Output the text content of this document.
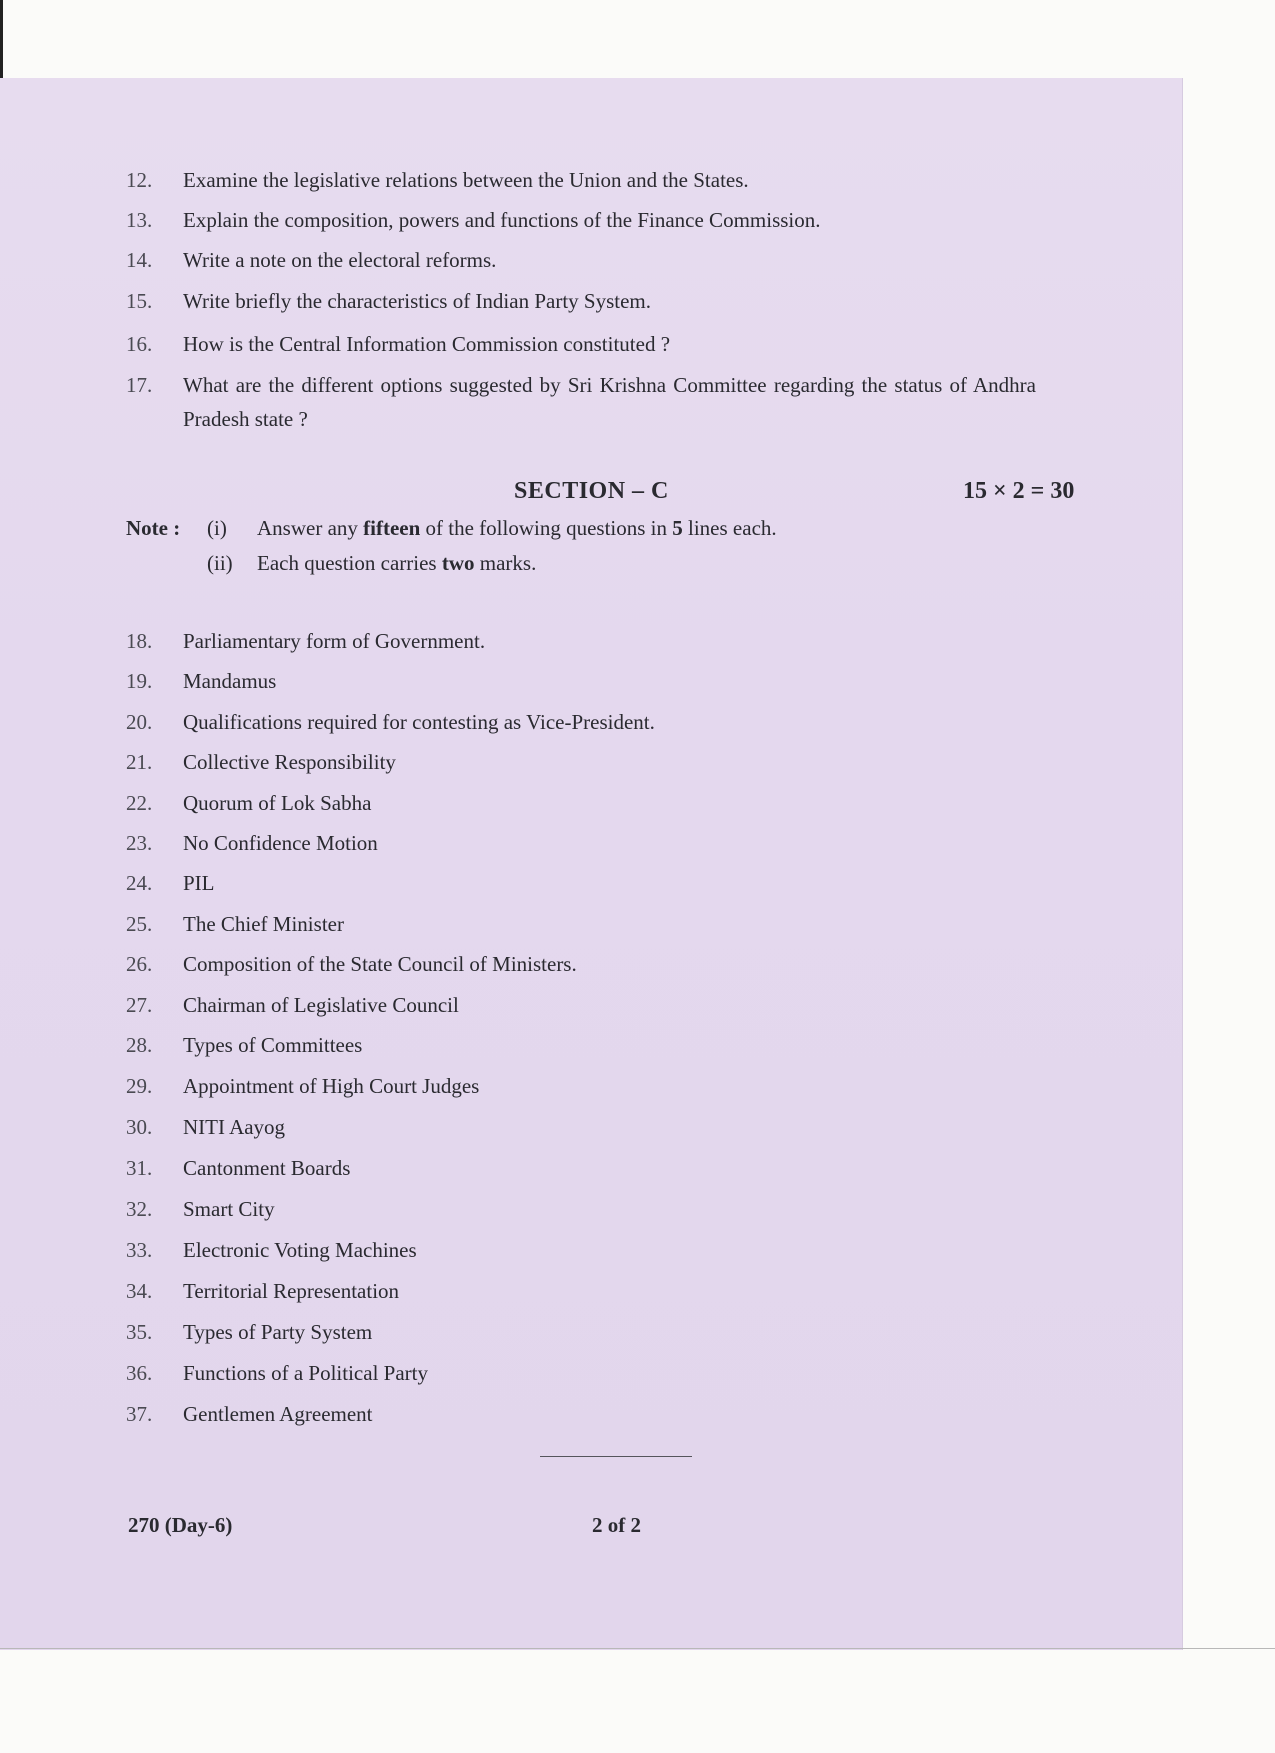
12.	Examine the legislative relations between the Union and the States.
13.	Explain the composition, powers and functions of the Finance Commission.
14.	Write a note on the electoral reforms.
15.	Write briefly the characteristics of Indian Party System.
16.	How is the Central Information Commission constituted ?
17.	What are the different options suggested by Sri Krishna Committee regarding the status of Andhra Pradesh state ?
SECTION – C	15 × 2 = 30
Note : (i) Answer any fifteen of the following questions in 5 lines each.
(ii) Each question carries two marks.
18.	Parliamentary form of Government.
19.	Mandamus
20.	Qualifications required for contesting as Vice-President.
21.	Collective Responsibility
22.	Quorum of Lok Sabha
23.	No Confidence Motion
24.	PIL
25.	The Chief Minister
26.	Composition of the State Council of Ministers.
27.	Chairman of Legislative Council
28.	Types of Committees
29.	Appointment of High Court Judges
30.	NITI Aayog
31.	Cantonment Boards
32.	Smart City
33.	Electronic Voting Machines
34.	Territorial Representation
35.	Types of Party System
36.	Functions of a Political Party
37.	Gentlemen Agreement
270 (Day-6)	2 of 2
